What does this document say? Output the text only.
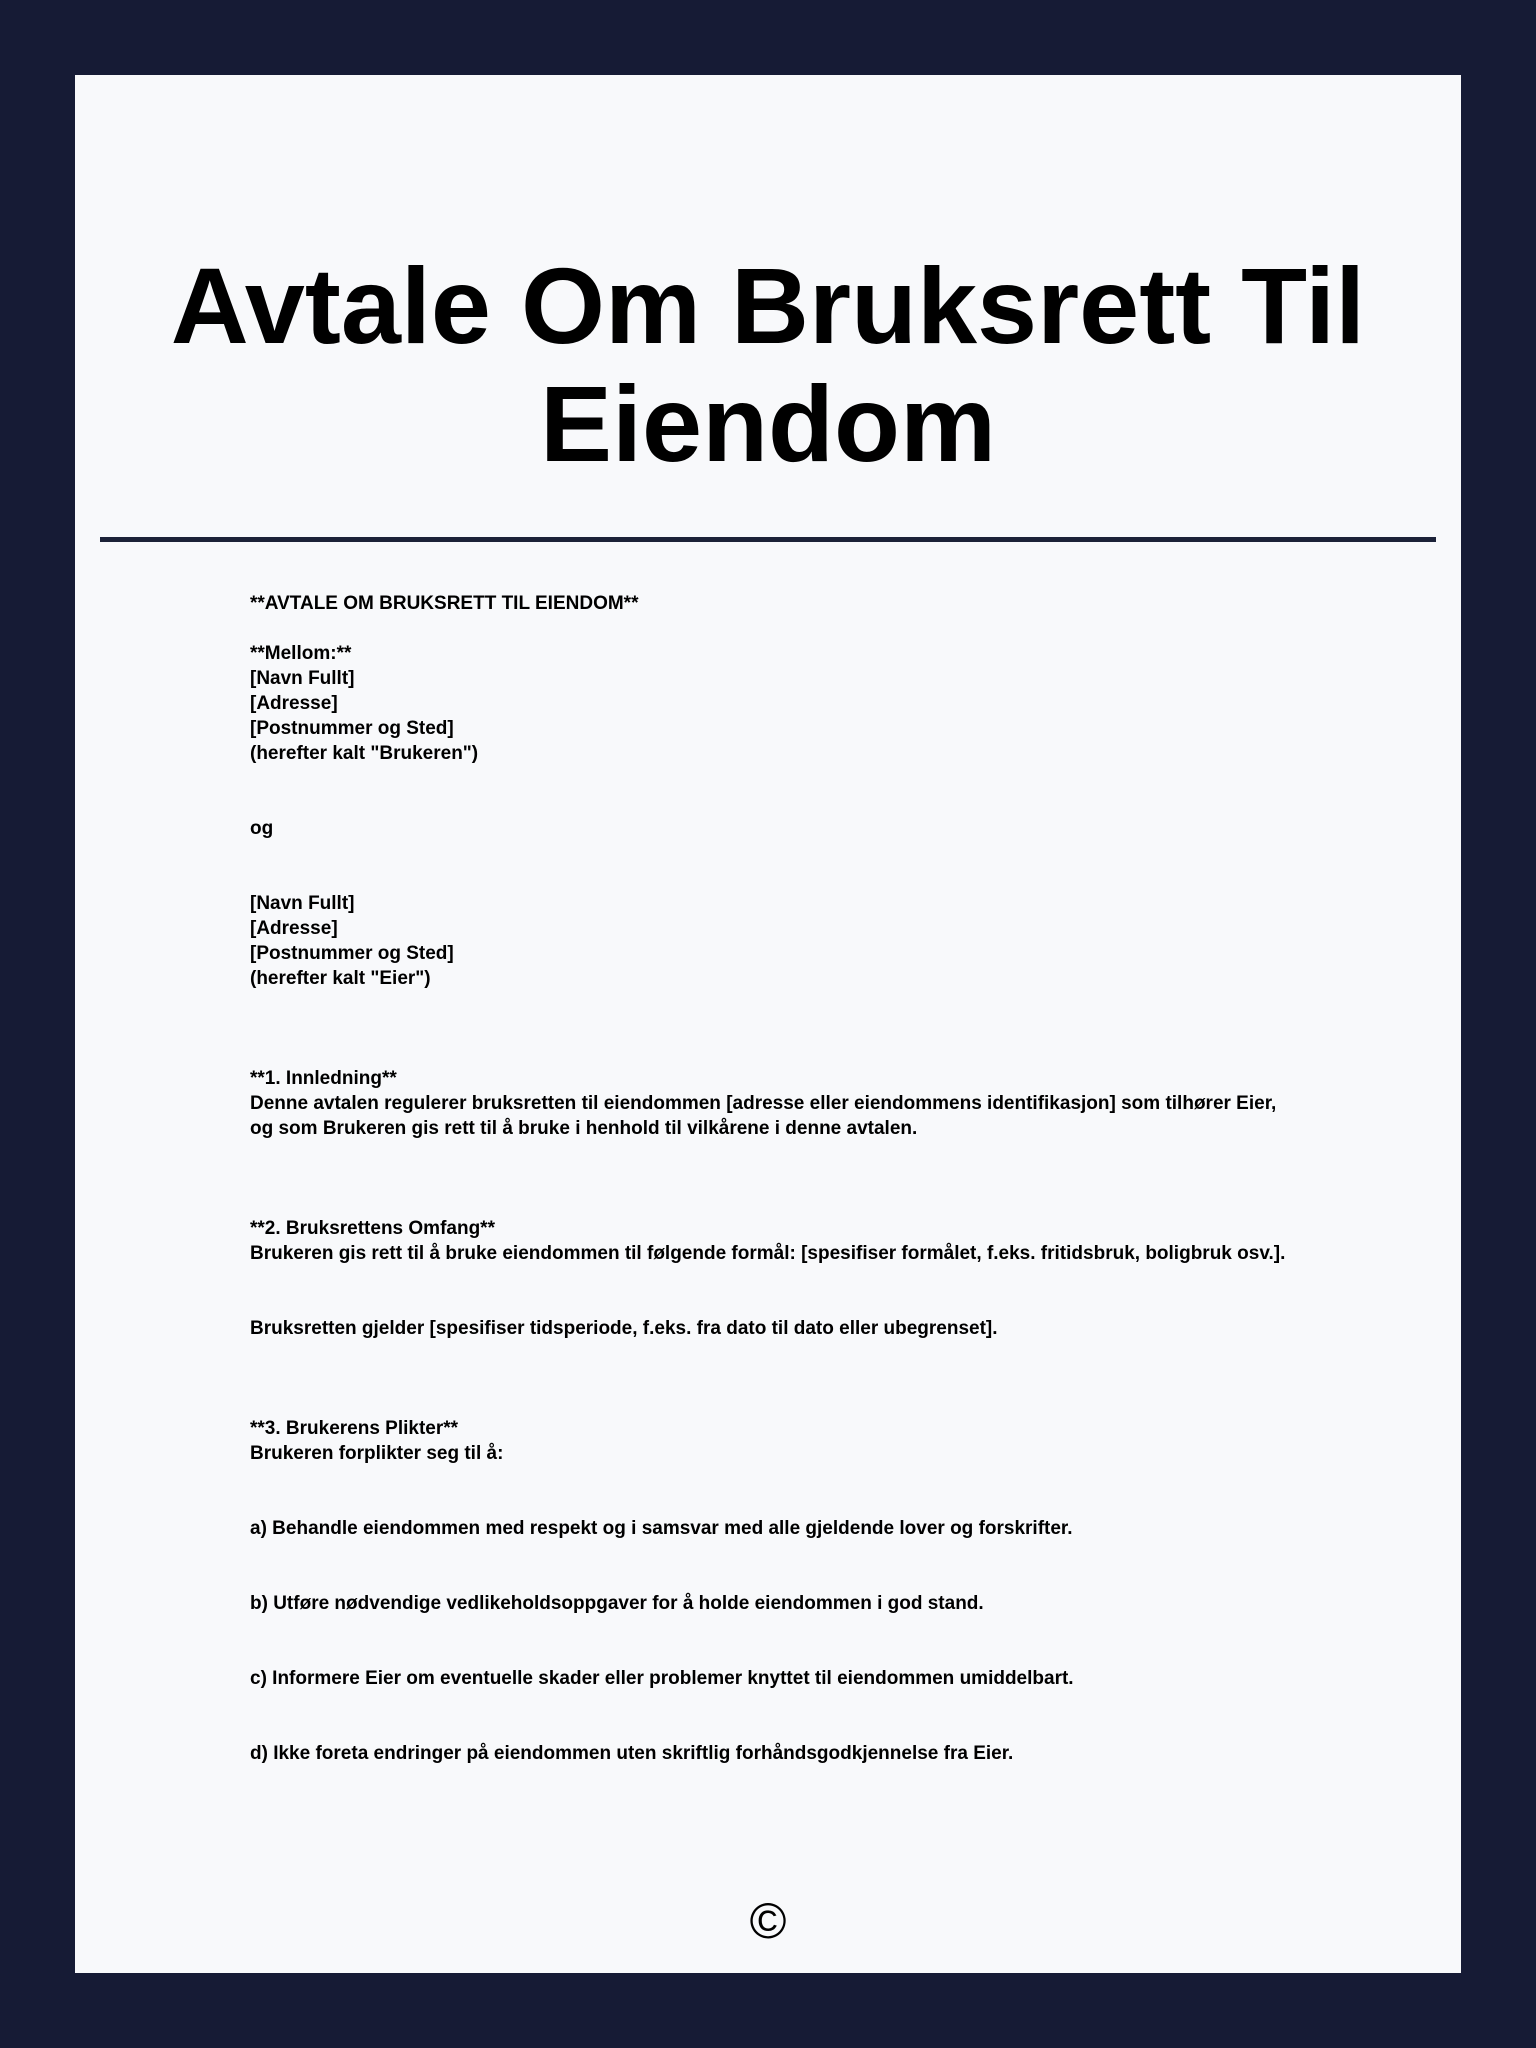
Avtale Om Bruksrett Til Eiendom
**AVTALE OM BRUKSRETT TIL EIENDOM**

**Mellom:**
[Navn Fullt]
[Adresse]
[Postnummer og Sted]
(herefter kalt "Brukeren")

og

[Navn Fullt]
[Adresse]
[Postnummer og Sted]
(herefter kalt "Eier")

**1. Innledning**
Denne avtalen regulerer bruksretten til eiendommen [adresse eller eiendommens identifikasjon] som tilhører Eier, og som Brukeren gis rett til å bruke i henhold til vilkårene i denne avtalen.

**2. Bruksrettens Omfang**
Brukeren gis rett til å bruke eiendommen til følgende formål: [spesifiser formålet, f.eks. fritidsbruk, boligbruk osv.].

Bruksretten gjelder [spesifiser tidsperiode, f.eks. fra dato til dato eller ubegrenset].

**3. Brukerens Plikter**
Brukeren forplikter seg til å:

a) Behandle eiendommen med respekt og i samsvar med alle gjeldende lover og forskrifter.

b) Utføre nødvendige vedlikeholdsoppgaver for å holde eiendommen i god stand.

c) Informere Eier om eventuelle skader eller problemer knyttet til eiendommen umiddelbart.

d) Ikke foreta endringer på eiendommen uten skriftlig forhåndsgodkjennelse fra Eier.
©
